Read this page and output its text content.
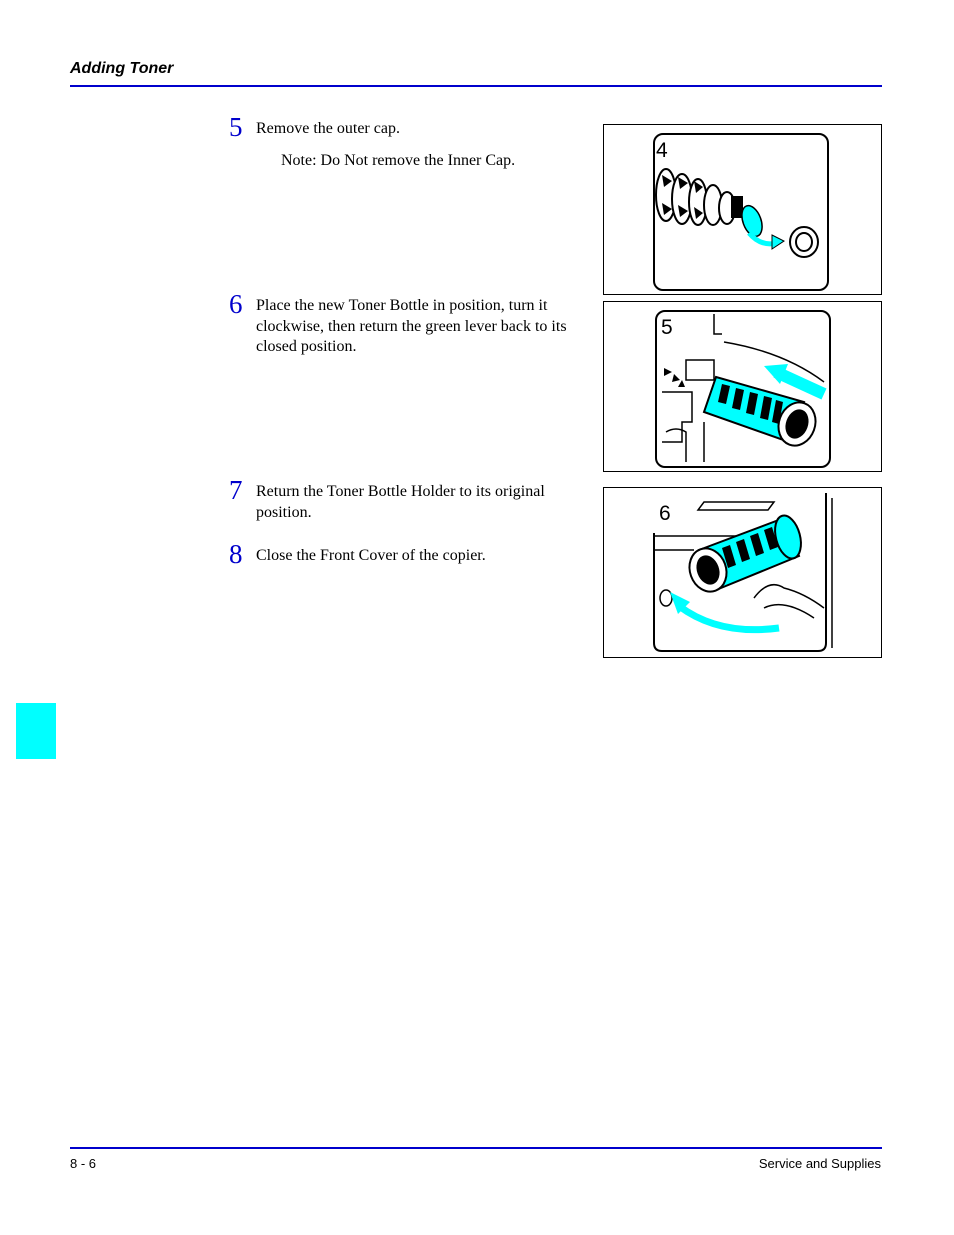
Adding Toner
5 Remove the outer cap.
Note: Do Not remove the Inner Cap.
6 Place the new Toner Bottle in position, turn it clockwise, then return the green lever back to its closed position.
7 Return the Toner Bottle Holder to its original position.
8 Close the Front Cover of the copier.
4
5
6
8 - 6	Service and Supplies
